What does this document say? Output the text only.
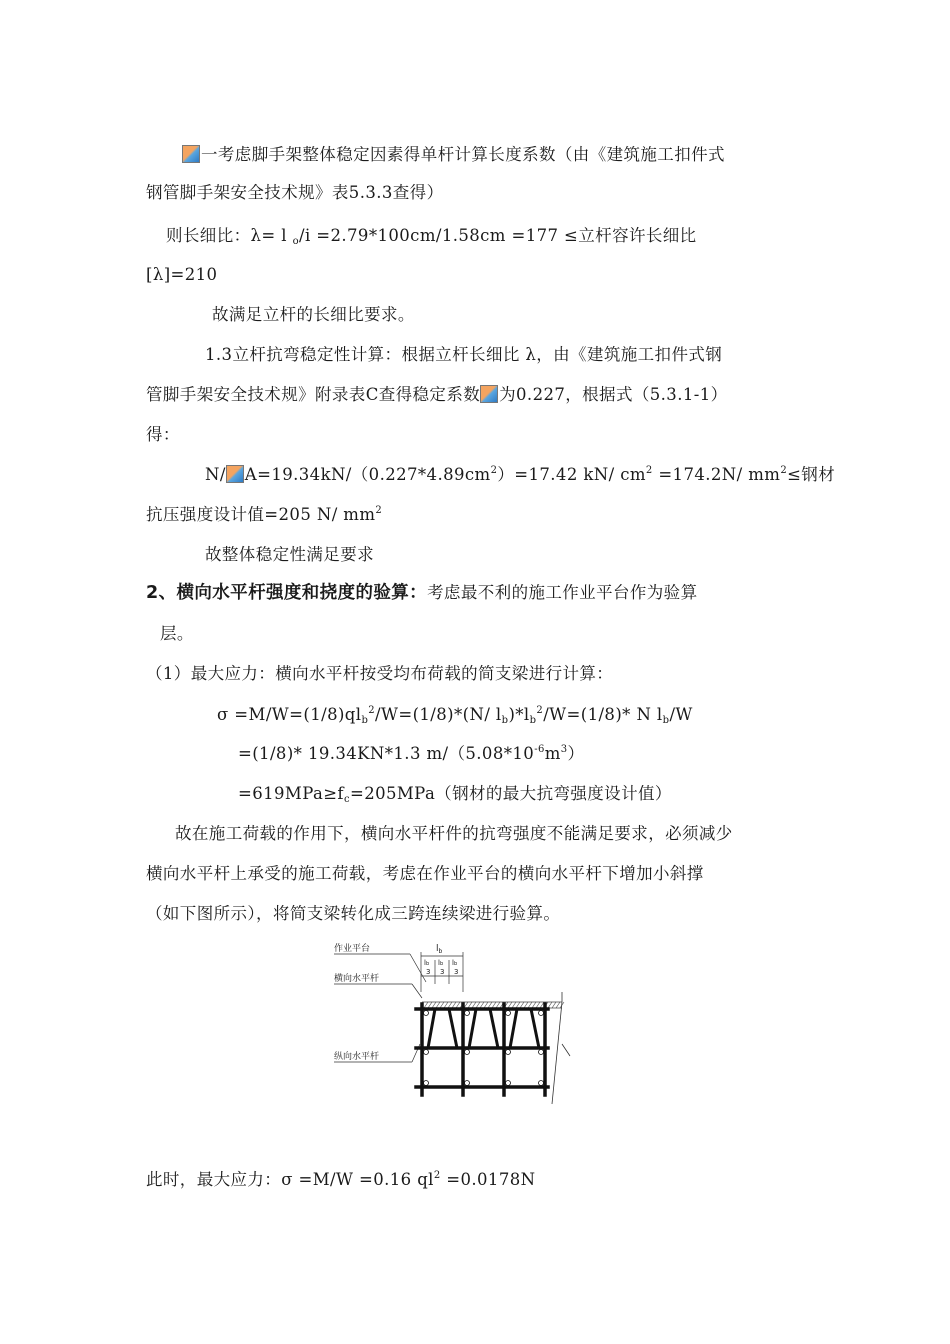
一考虑脚手架整体稳定因素得单杆计算长度系数（由《建筑施工扣件式
钢管脚手架安全技术规》表5.3.3查得）
则长细比：λ= l $_o$/i =2.79*100cm/1.58cm =177 ≤立杆容许长细比
[λ]=210
故满足立杆的长细比要求。
1.3立杆抗弯稳定性计算：根据立杆长细比 λ，由《建筑施工扣件式钢
管脚手架安全技术规》附录表C查得稳定系数 为0.227，根据式（5.3.1-1）
得：
N/ $A=19.34kN/(0.227*4.89cm^2)=17.42$ kN/ $cm^2 =174.2N/$ $mm^2\le$钢材
抗压强度设计值=205 N/ $mm^2$
故整体稳定性满足要求
2、横向水平杆强度和挠度的验算：考虑最不利的施工作业平台作为验算
层。
（1）最大应力：横向水平杆按受均布荷载的简支梁进行计算：
$\sigma =M/W=(1/8)ql_b^2/W=(1/8)*(N/$ $l_b)*l_b^2/W=(1/8)*$ N $l_b/W$
=(1/8)* 19.34KN*1.3 $m/(5.08*10^{-6}m^3)$
$=619MPa\ge f_c=205MPa$（钢材的最大抗弯强度设计值）
故在施工荷载的作用下，横向水平杆件的抗弯强度不能满足要求，必须减少
横向水平杆上承受的施工荷载，考虑在作业平台的横向水平杆下增加小斜撑
（如下图所示），将简支梁转化成三跨连续梁进行验算。
作业平台
横向水平杆
纵向水平杆
$l_b$
lb
3
lb
3
lb
3
此时，最大应力：σ =M/W =0.16 $ql^2 =0.0178N$
